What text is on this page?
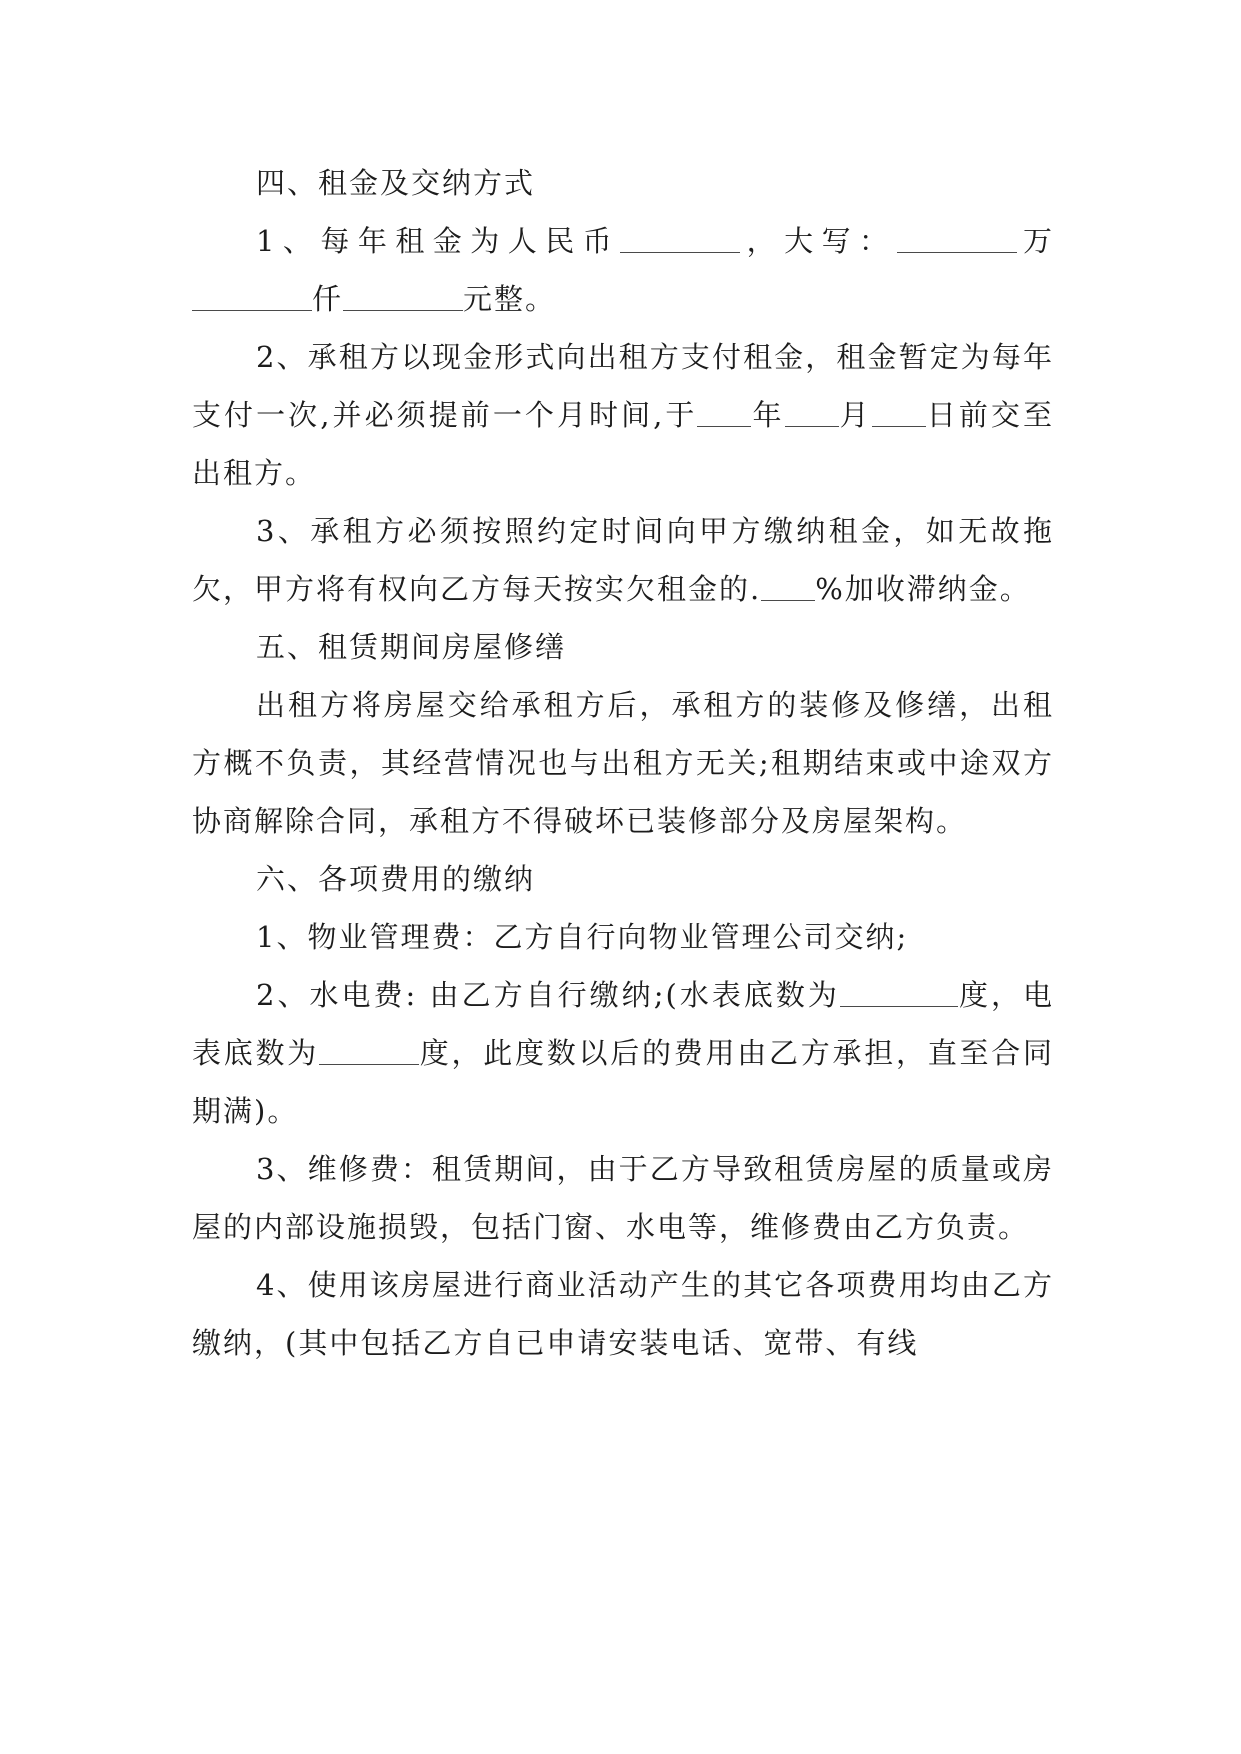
四、租金及交纳方式

1、每年租金为人民币	，大写：	万仟	元整。

2、承租方以现金形式向出租方支付租金，租金暂定为每年支付一次,并必须提前一个月时间,于 年 月 日前交至出租方。

3、承租方必须按照约定时间向甲方缴纳租金，如无故拖欠，甲方将有权向乙方每天按实欠租金的. %加收滞纳金。

五、租赁期间房屋修缮

出租方将房屋交给承租方后，承租方的装修及修缮，出租方概不负责，其经营情况也与出租方无关;租期结束或中途双方协商解除合同，承租方不得破坏已装修部分及房屋架构。

六、各项费用的缴纳

1、物业管理费：乙方自行向物业管理公司交纳;

2、水电费: 由乙方自行缴纳;(水表底数为	度，电表底数为	度，此度数以后的费用由乙方承担，直至合同期满)。

3、维修费：租赁期间，由于乙方导致租赁房屋的质量或房屋的内部设施损毁，包括门窗、水电等，维修费由乙方负责。

4、使用该房屋进行商业活动产生的其它各项费用均由乙方缴纳，(其中包括乙方自已申请安装电话、宽带、有线
